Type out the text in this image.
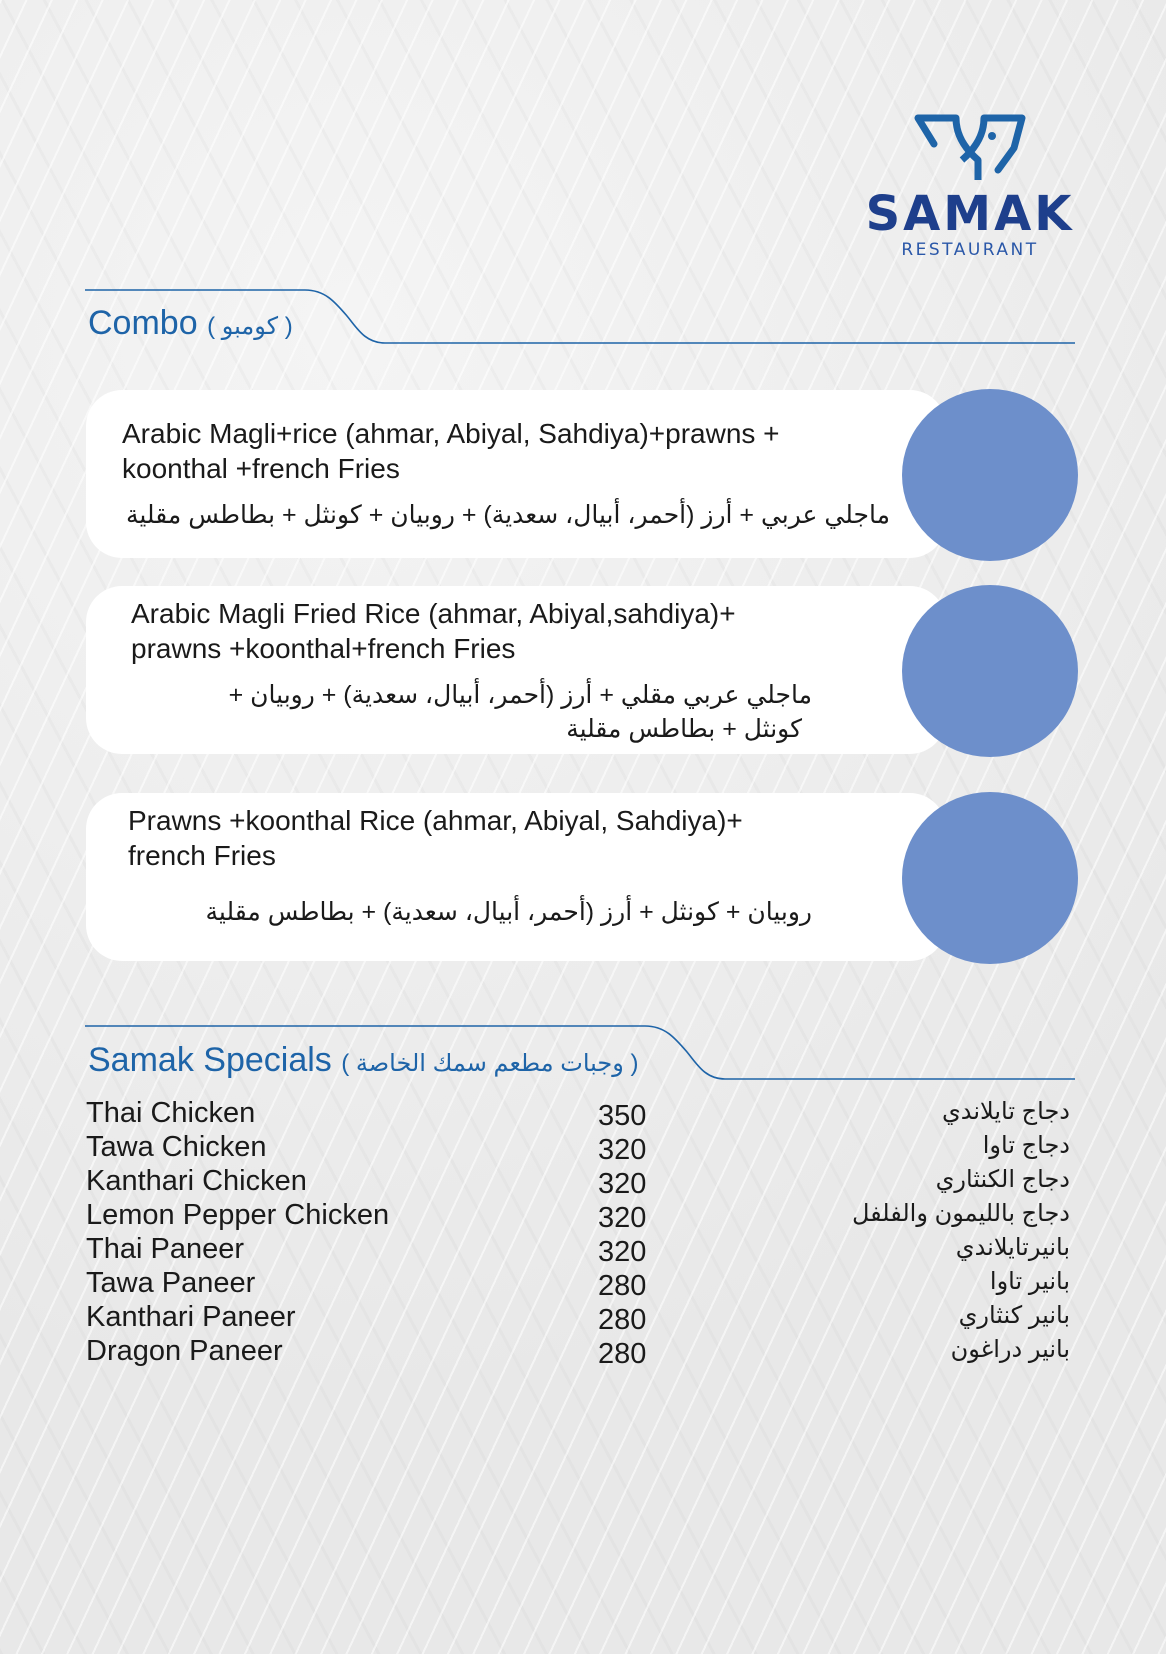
SAMAK
RESTAURANT
Combo ( كومبو )
Arabic Magli+rice (ahmar, Abiyal, Sahdiya)+prawns +
koonthal +french Fries
ماجلي عربي + أرز (أحمر، أبيال، سعدية) + روبيان + كونثل + بطاطس مقلية
Arabic Magli Fried Rice (ahmar, Abiyal,sahdiya)+
prawns +koonthal+french Fries
ماجلي عربي مقلي + أرز (أحمر، أبيال، سعدية) + روبيان +
كونثل + بطاطس مقلية
Prawns +koonthal Rice (ahmar, Abiyal, Sahdiya)+
french Fries
روبيان + كونثل + أرز (أحمر، أبيال، سعدية) + بطاطس مقلية
Samak Specials ( وجبات مطعم سمك الخاصة )
Thai Chicken	350	دجاج تايلاندي
Tawa Chicken	320	دجاج تاوا
Kanthari Chicken	320	دجاج الكنثاري
Lemon Pepper Chicken	320	دجاج بالليمون والفلفل
Thai Paneer	320	بانيرتايلاندي
Tawa Paneer	280	بانير تاوا
Kanthari Paneer	280	بانير كنثاري
Dragon Paneer	280	بانير دراغون
